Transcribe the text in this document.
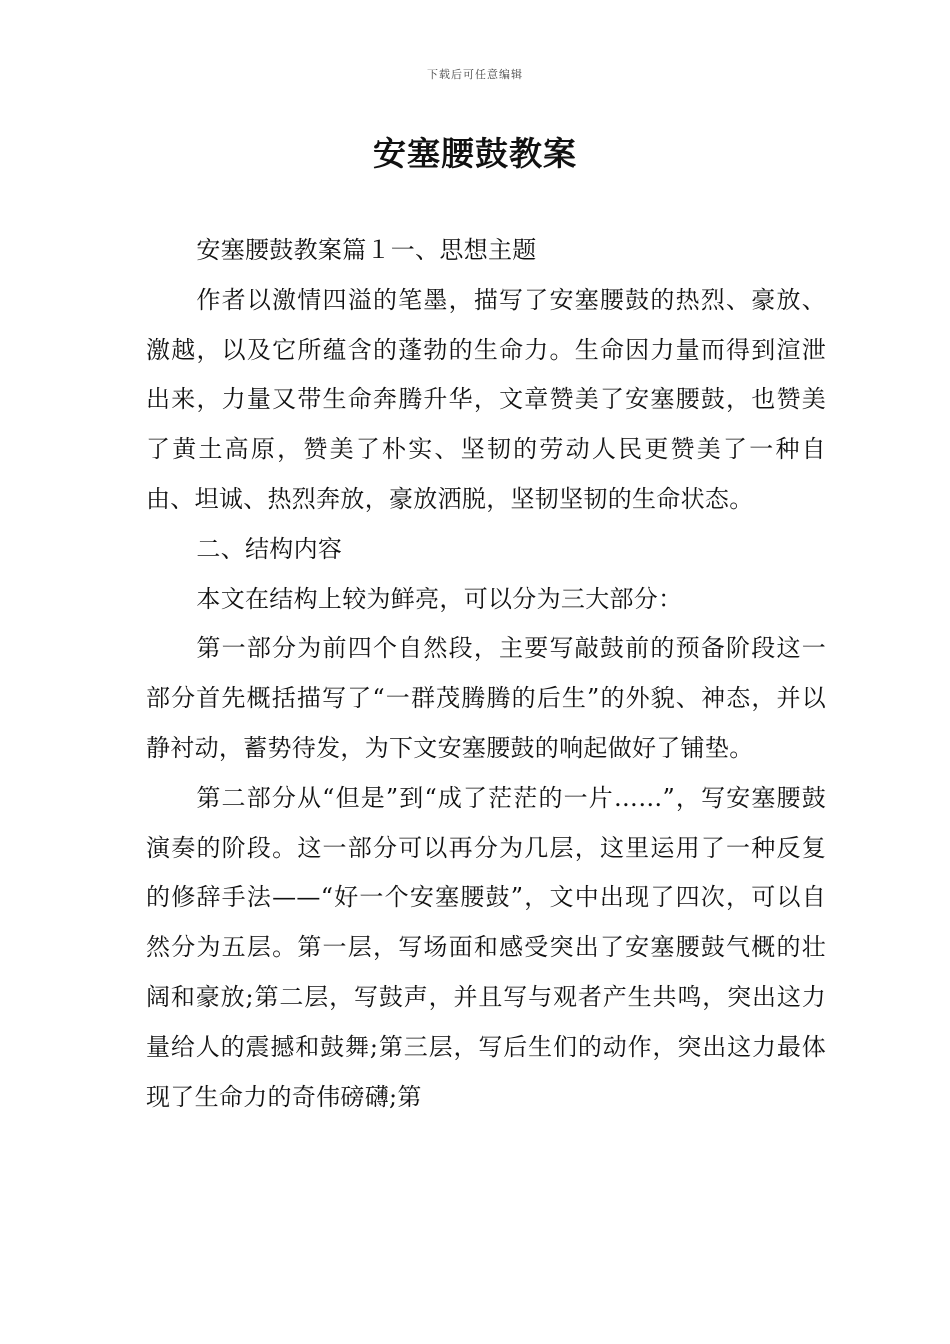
下载后可任意编辑
安塞腰鼓教案

安塞腰鼓教案篇１一、思想主题

作者以激情四溢的笔墨，描写了安塞腰鼓的热烈、豪放、激越，以及它所蕴含的蓬勃的生命力。生命因力量而得到渲泄出来，力量又带生命奔腾升华，文章赞美了安塞腰鼓，也赞美了黄土高原，赞美了朴实、坚韧的劳动人民更赞美了一种自由、坦诚、热烈奔放，豪放洒脱，坚韧坚韧的生命状态。

二、结构内容

本文在结构上较为鲜亮，可以分为三大部分：

第一部分为前四个自然段，主要写敲鼓前的预备阶段这一部分首先概括描写了“一群茂腾腾的后生”的外貌、神态，并以静衬动，蓄势待发，为下文安塞腰鼓的响起做好了铺垫。

第二部分从“但是”到“成了茫茫的一片……”，写安塞腰鼓演奏的阶段。这一部分可以再分为几层，这里运用了一种反复的修辞手法——“好一个安塞腰鼓”，文中出现了四次，可以自然分为五层。第一层，写场面和感受突出了安塞腰鼓气概的壮阔和豪放;第二层，写鼓声，并且写与观者产生共鸣，突出这力量给人的震撼和鼓舞;第三层，写后生们的动作，突出这力最体现了生命力的奇伟磅礴;第
